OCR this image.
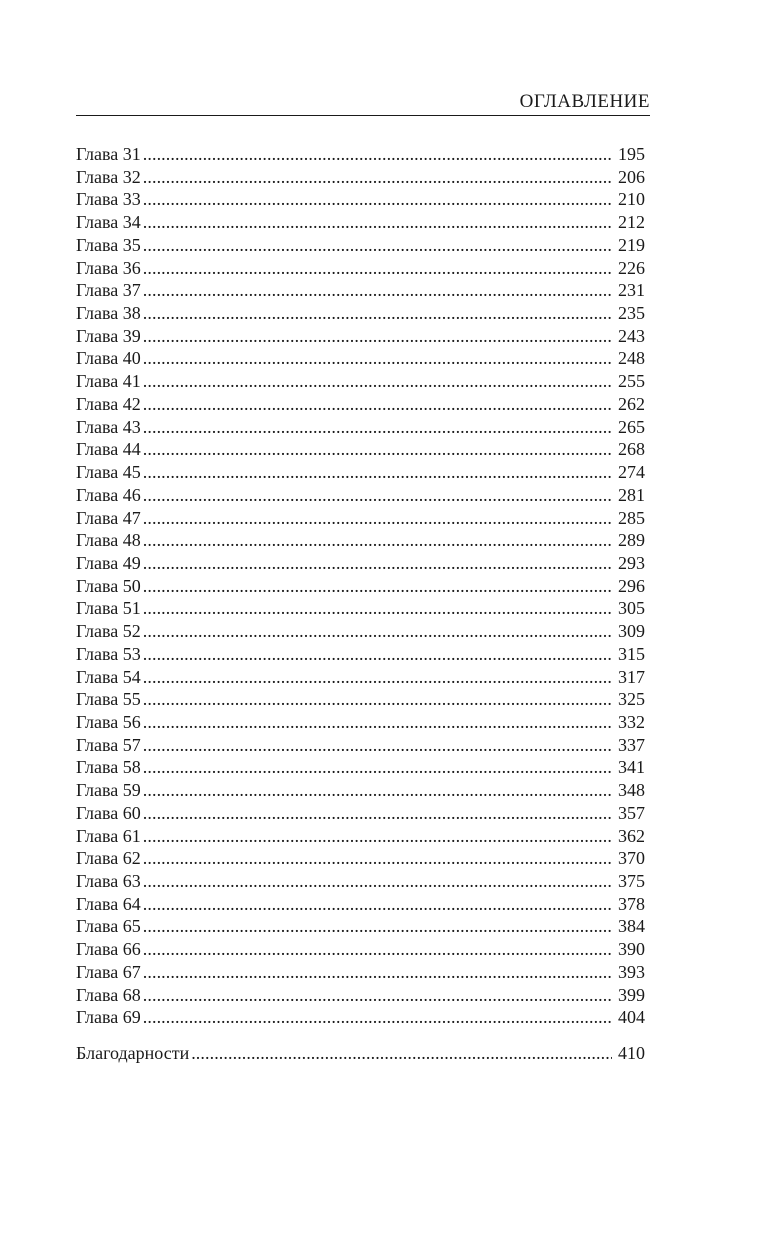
ОГЛАВЛЕНИЕ
Глава 31 . . .	195
Глава 32 . . .	206
Глава 33 . . .	210
Глава 34 . . .	212
Глава 35 . . .	219
Глава 36 . . .	226
Глава 37 . . .	231
Глава 38 . . .	235
Глава 39 . . .	243
Глава 40 . . .	248
Глава 41 . . .	255
Глава 42 . . .	262
Глава 43 . . .	265
Глава 44 . . .	268
Глава 45 . . .	274
Глава 46 . . .	281
Глава 47 . . .	285
Глава 48 . . .	289
Глава 49 . . .	293
Глава 50 . . .	296
Глава 51 . . .	305
Глава 52 . . .	309
Глава 53 . . .	315
Глава 54 . . .	317
Глава 55 . . .	325
Глава 56 . . .	332
Глава 57 . . .	337
Глава 58 . . .	341
Глава 59 . . .	348
Глава 60 . . .	357
Глава 61 . . .	362
Глава 62 . . .	370
Глава 63 . . .	375
Глава 64 . . .	378
Глава 65 . . .	384
Глава 66 . . .	390
Глава 67 . . .	393
Глава 68 . . .	399
Глава 69 . . .	404
Благодарности . . .	410
